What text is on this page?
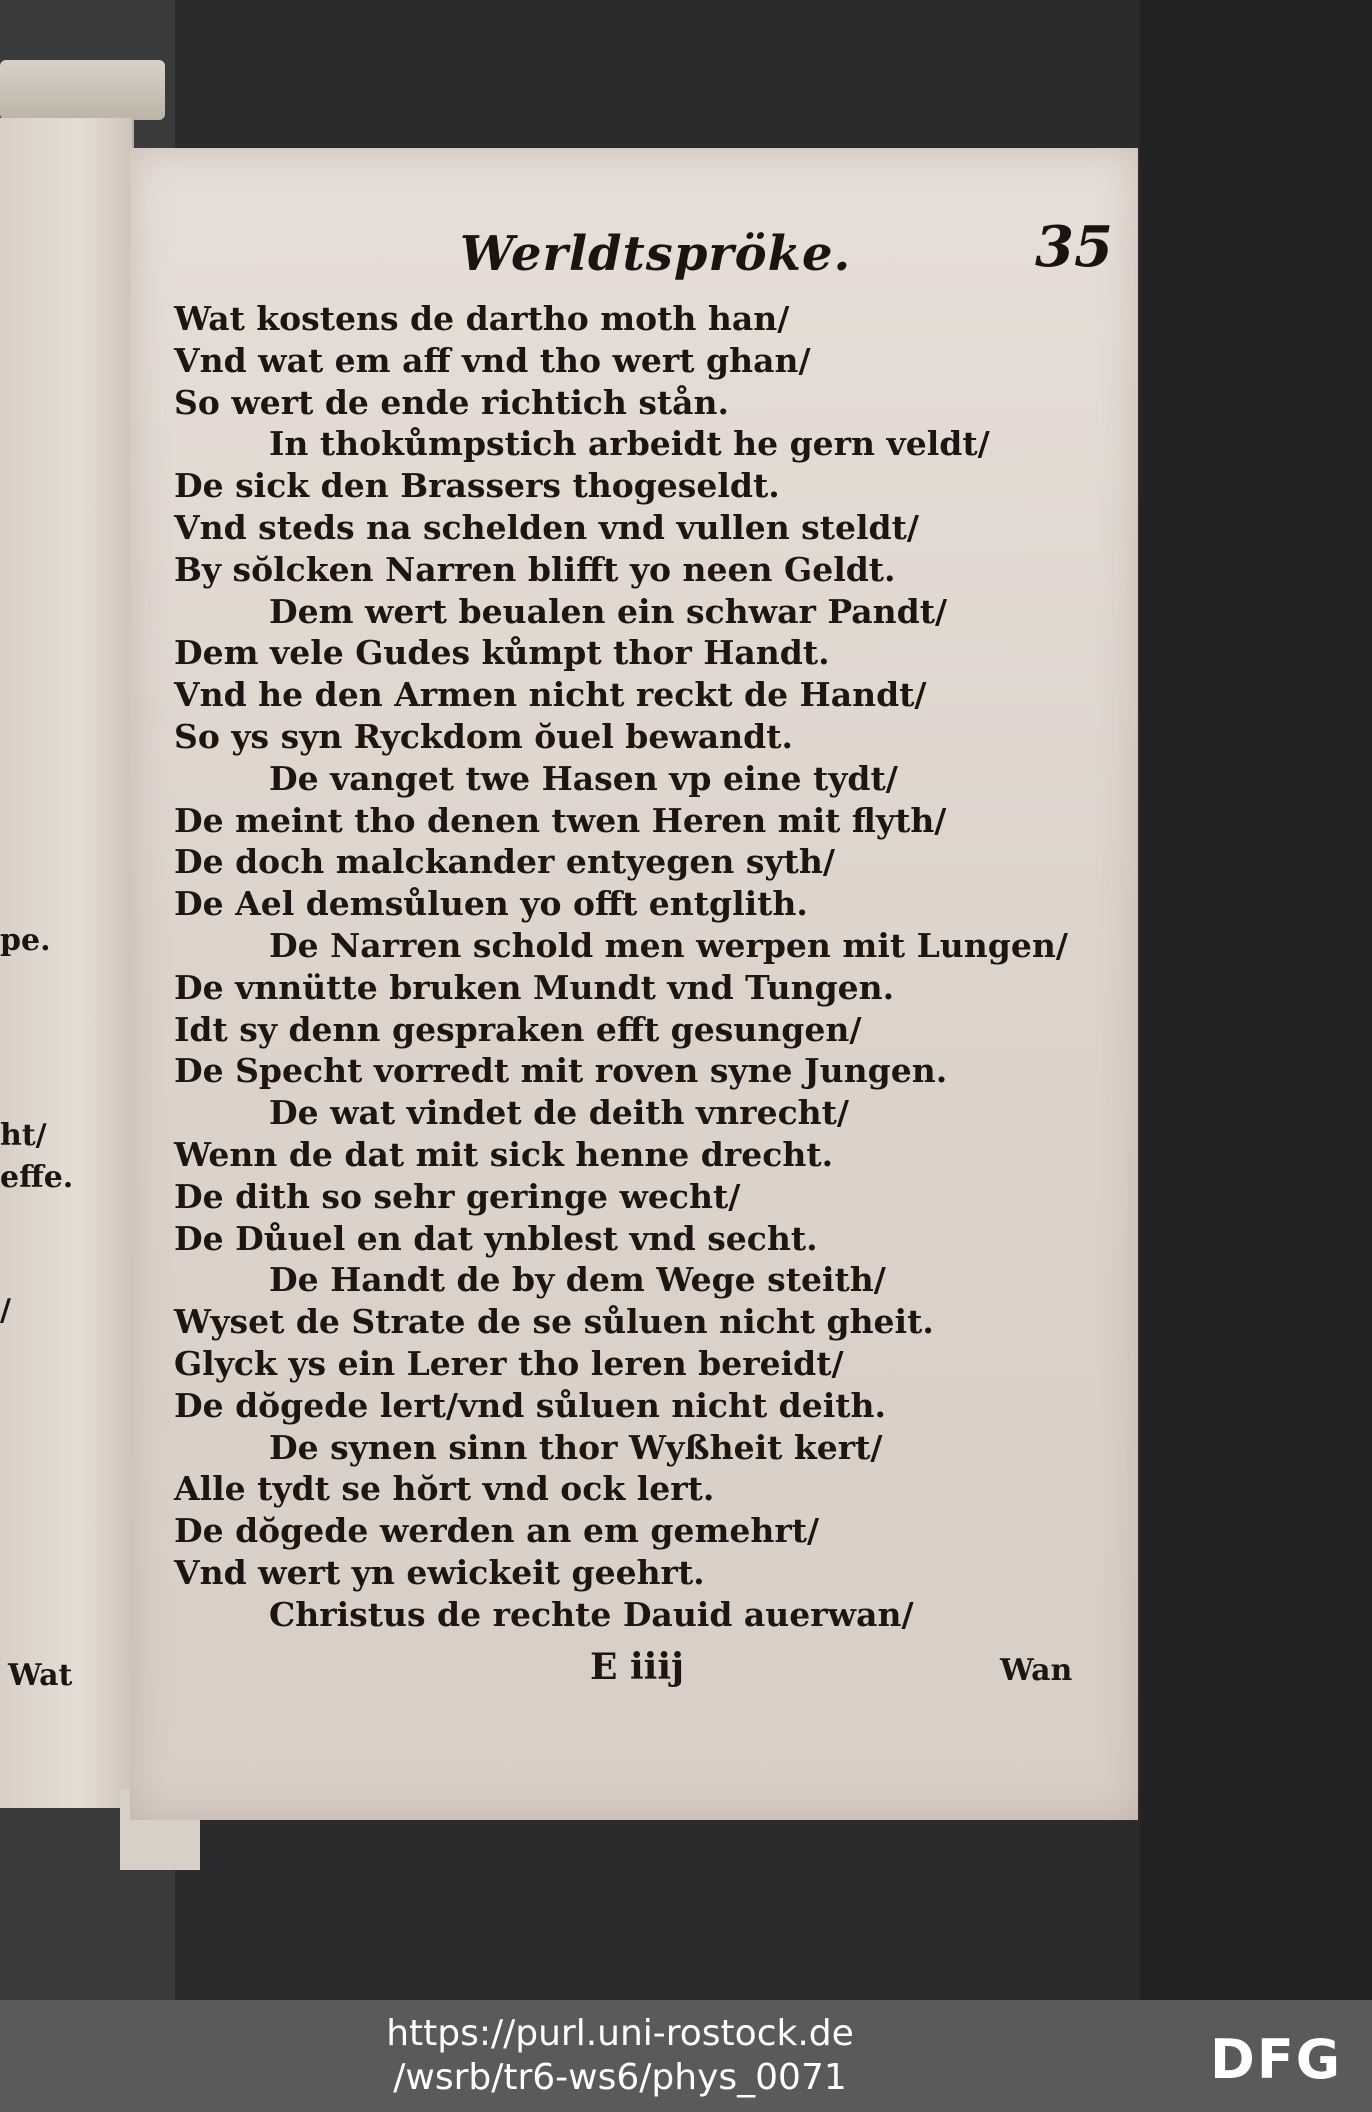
pe.
ht/
effe.
/
Wat
Werldtspröke.	35
Wat kostens de dartho moth han/
Vnd wat em aff vnd tho wert ghan/
So wert de ende richtich stån.
In thokůmpstich arbeidt he gern veldt/
De sick den Brassers thogeseldt.
Vnd steds na schelden vnd vullen steldt/
By sŏlcken Narren blifft yo neen Geldt.
Dem wert beualen ein schwar Pandt/
Dem vele Gudes kůmpt thor Handt.
Vnd he den Armen nicht reckt de Handt/
So ys syn Ryckdom ŏuel bewandt.
De vanget twe Hasen vp eine tydt/
De meint tho denen twen Heren mit flyth/
De doch malckander entyegen syth/
De Ael demsůluen yo offt entglith.
De Narren schold men werpen mit Lungen/
De vnnütte bruken Mundt vnd Tungen.
Idt sy denn gespraken efft gesungen/
De Specht vorredt mit roven syne Jungen.
De wat vindet de deith vnrecht/
Wenn de dat mit sick henne drecht.
De dith so sehr geringe wecht/
De Důuel en dat ynblest vnd secht.
De Handt de by dem Wege steith/
Wyset de Strate de se sůluen nicht gheit.
Glyck ys ein Lerer tho leren bereidt/
De dŏgede lert/vnd sůluen nicht deith.
De synen sinn thor Wyßheit kert/
Alle tydt se hŏrt vnd ock lert.
De dŏgede werden an em gemehrt/
Vnd wert yn ewickeit geehrt.
Christus de rechte Dauid auerwan/
E iiij	Wan
https://purl.uni-rostock.de
/wsrb/tr6-ws6/phys_0071	DFG
